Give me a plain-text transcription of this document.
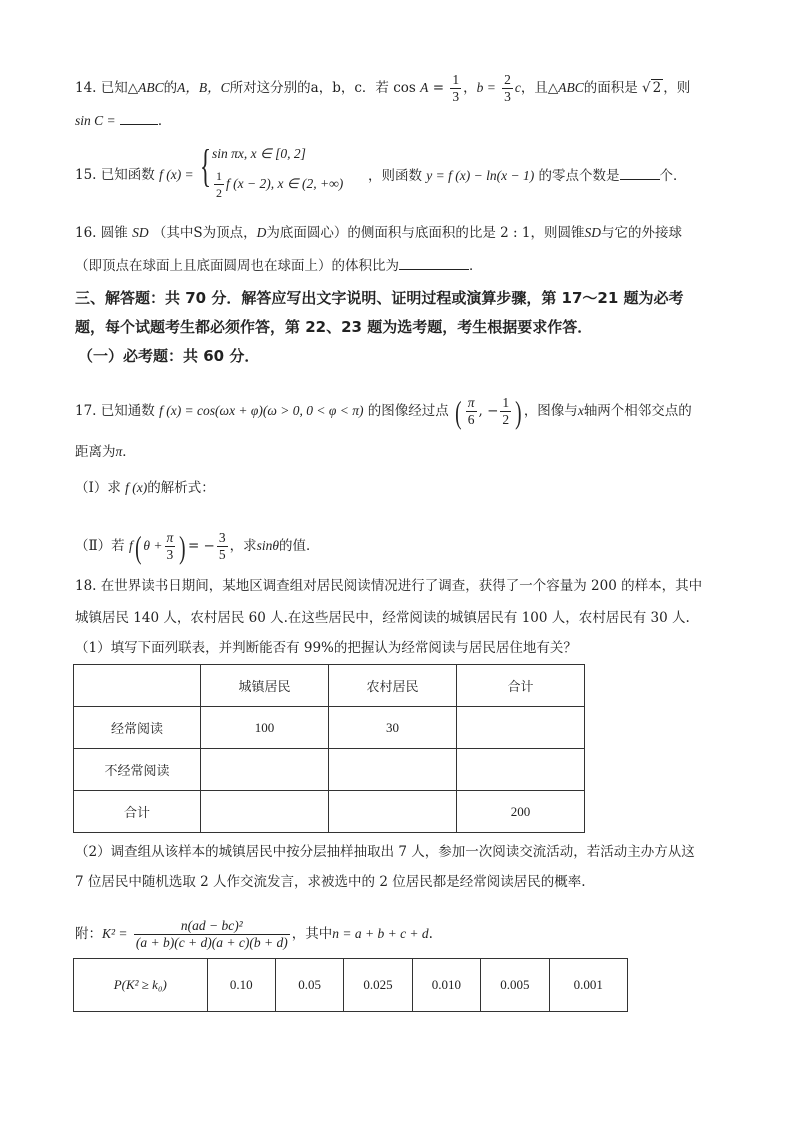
14. 已知△ABC的A，B，C所对这分别的a，b，c．若 $\cos A = \frac{1}{3}$ ，$b = \frac{2}{3}$ c，且△ABC的面积是 √ 2 ，则
sin C =	．
15. 已知函数 f (x) = { sin πx, x ∈ [0, 2]
$\frac{1}{2}$ f (x − 2), x ∈ (2, +∞) ，则函数 y = f (x) − ln(x − 1) 的零点个数是	个．
16. 圆锥 SD （其中S为顶点，D为底面圆心）的侧面积与底面积的比是 2 : 1，则圆锥SD与它的外接球
（即顶点在球面上且底面圆周也在球面上）的体积比为	．
三、解答题：共 70 分．解答应写出文字说明、证明过程或演算步骤，第 17～21 题为必考
题，每个试题考生都必须作答，第 22、23 题为选考题，考生根据要求作答．
（一）必考题：共 60 分．
17. 已知通数 f (x) = cos(ωx + φ)(ω > 0, 0 < φ < π) 的图像经过点 ( $\frac{\pi}{6}$ , − $\frac{1}{2}$ ) ，图像与x轴两个相邻交点的
距离为π．
（Ⅰ）求 f (x)的解析式：
（Ⅱ）若 f( $\theta + \frac{\pi}{3}$ ) = − $\frac{3}{5}$ ，求sinθ的值．
18. 在世界读书日期间，某地区调查组对居民阅读情况进行了调查，获得了一个容量为 200 的样本，其中
城镇居民 140 人，农村居民 60 人.在这些居民中，经常阅读的城镇居民有 100 人，农村居民有 30 人.
（1）填写下面列联表，并判断能否有 99%的把握认为经常阅读与居民居住地有关？
	城镇居民	农村居民	合计
经常阅读	100	30	
不经常阅读			
合计			200
（2）调查组从该样本的城镇居民中按分层抽样抽取出 7 人，参加一次阅读交流活动，若活动主办方从这
7 位居民中随机选取 2 人作交流发言，求被选中的 2 位居民都是经常阅读居民的概率.
附：$K^2 = \frac{\text{n(ad − bc)²}}{(a + b)(c + d)(a + c)(b + d)}$ ，其中n = a + b + c + d.
P(K² ≥ k₀)	0.10	0.05	0.025	0.010	0.005	0.001
